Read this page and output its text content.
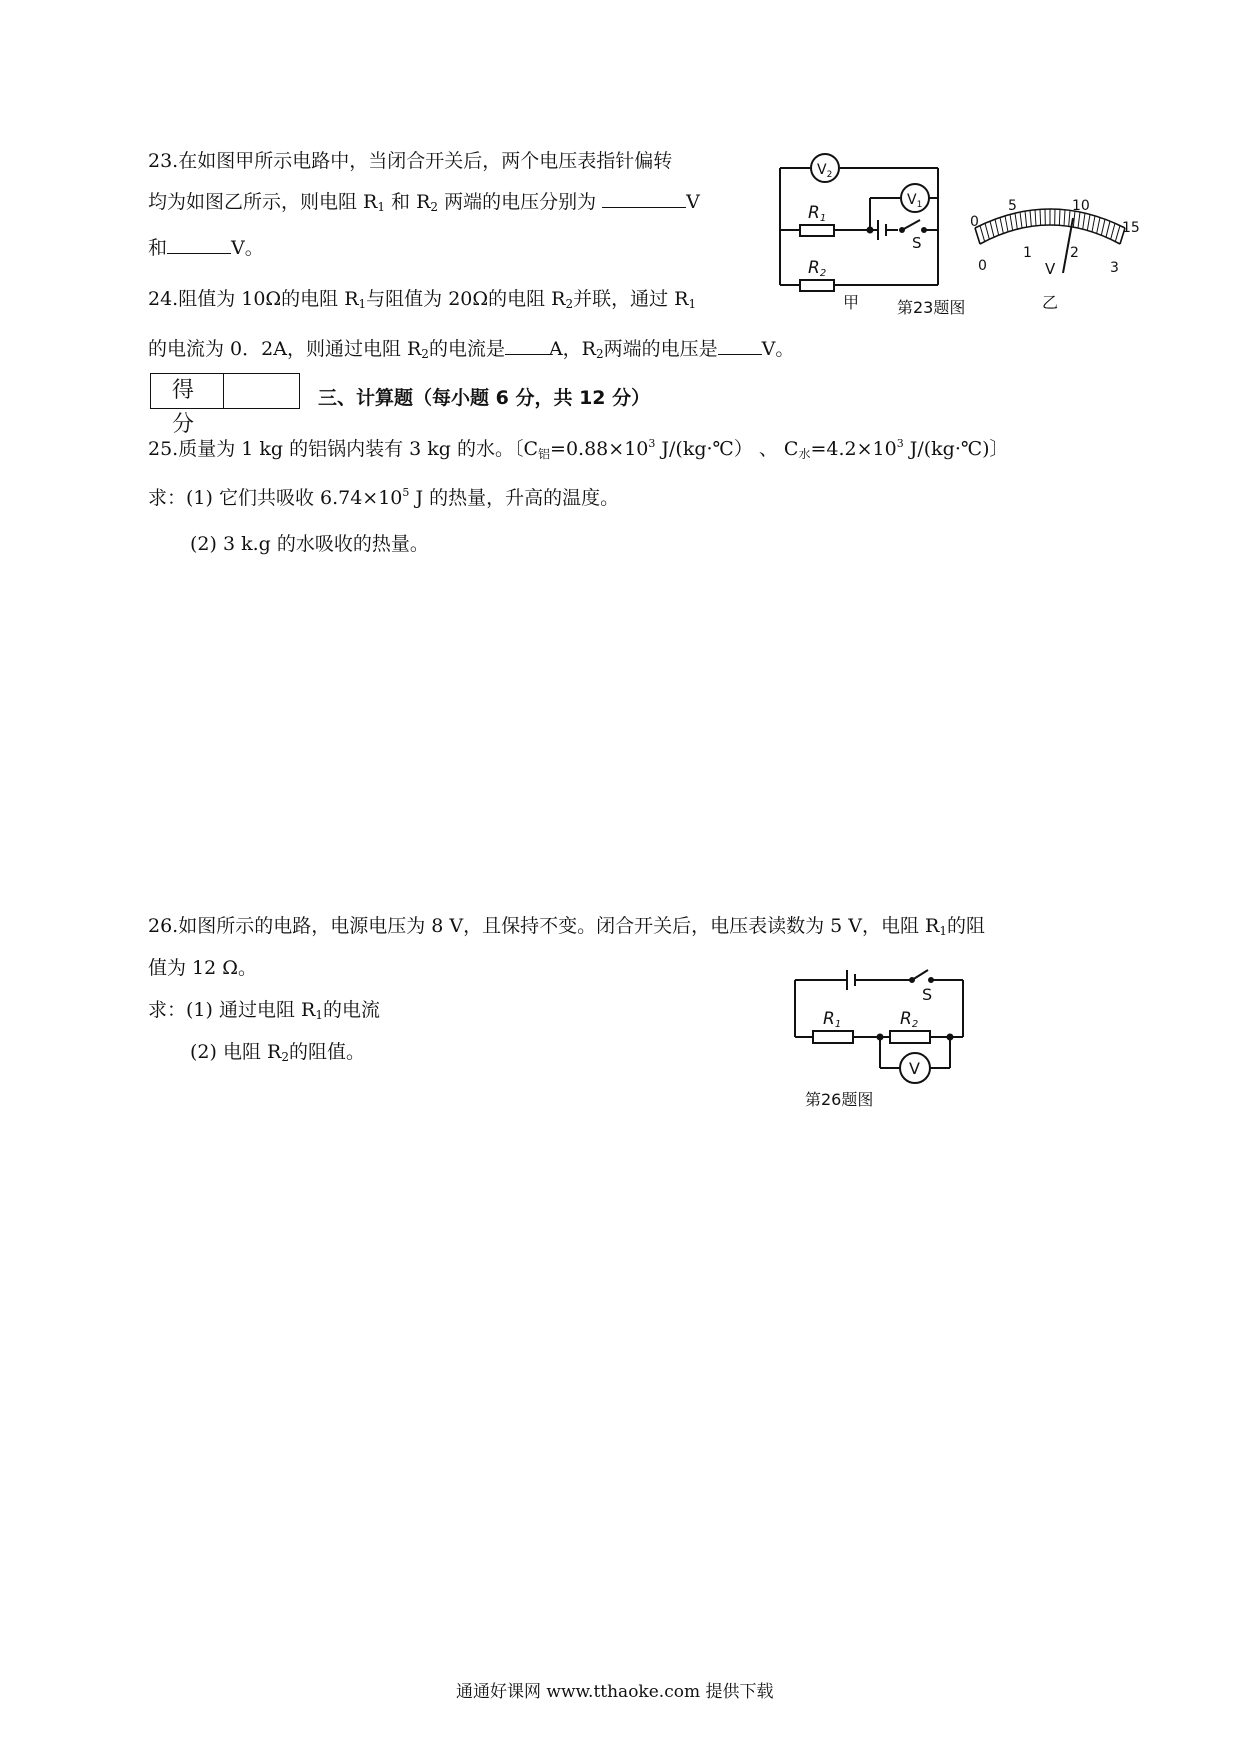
23.在如图甲所示电路中，当闭合开关后，两个电压表指针偏转
均为如图乙所示，则电阻 $R_1$ 和 $R_2$ 两端的电压分别为	V
和	V。
$V_2$
$V_1$
R1
R2
S
甲 第23题图
0
5	10
15
0
1	2
3
V
乙
24.阻值为 10Ω的电阻 $R_1$与阻值为 20Ω的电阻 $R_2$并联，通过 $R_1$
的电流为 0．2A，则通过电阻 $R_2$的电流是 A，$R_2$两端的电压是 V。
得 分
三、计算题（每小题 6 分，共 12 分）
25.质量为 1 kg 的铝锅内装有 3 kg 的水。〔$C_铝=0.88\times 10^3$ J/(kg·℃） 、 $C_水=4.2\times 10^3$ J/(kg·℃)〕
求：(1) 它们共吸收 $6.74\times 10^5$ J 的热量，升高的温度。
(2) 3 k.g 的水吸收的热量。
26.如图所示的电路，电源电压为 8 V，且保持不变。闭合开关后，电压表读数为 5 V，电阻 $R_1$的阻
值为 12 Ω。
求：(1) 通过电阻 $R_1$的电流
(2) 电阻 $R_2$的阻值。
S
R1	R2
V
第26题图
通通好课网 www.tthaoke.com 提供下载
